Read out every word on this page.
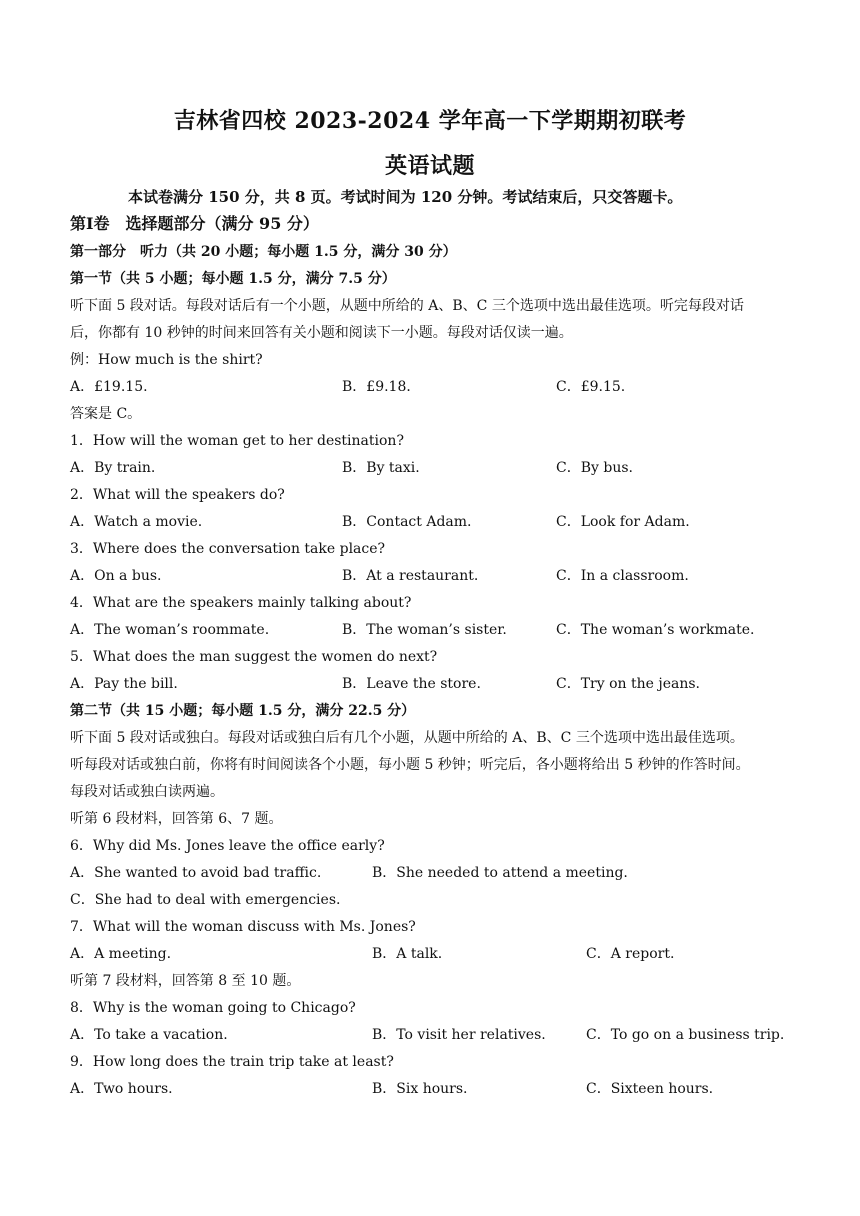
吉林省四校 2023-2024 学年高一下学期期初联考
英语试题
本试卷满分 150 分，共 8 页。考试时间为 120 分钟。考试结束后，只交答题卡。
第Ⅰ卷　选择题部分（满分 95 分）
第一部分　听力（共 20 小题；每小题 1.5 分，满分 30 分）
第一节（共 5 小题；每小题 1.5 分，满分 7.5 分）
听下面 5 段对话。每段对话后有一个小题，从题中所给的 A、B、C 三个选项中选出最佳选项。听完每段对话
后，你都有 10 秒钟的时间来回答有关小题和阅读下一小题。每段对话仅读一遍。
例：How much is the shirt?
A．£19.15.	B．£9.18．	C．£9.15.
答案是 C。
1．How will the woman get to her destination?
A．By train.	B．By taxi.	C．By bus.
2．What will the speakers do?
A．Watch a movie.	B．Contact Adam.	C．Look for Adam.
3．Where does the conversation take place?
A．On a bus.	B．At a restaurant.	C．In a classroom.
4．What are the speakers mainly talking about?
A．The woman’s roommate.	B．The woman’s sister.	C．The woman’s workmate.
5．What does the man suggest the women do next?
A．Pay the bill.	B．Leave the store.	C．Try on the jeans.
第二节（共 15 小题；每小题 1.5 分，满分 22.5 分）
听下面 5 段对话或独白。每段对话或独白后有几个小题，从题中所给的 A、B、C 三个选项中选出最佳选项。
听每段对话或独白前，你将有时间阅读各个小题，每小题 5 秒钟；听完后，各小题将给出 5 秒钟的作答时间。
每段对话或独白读两遍。
听第 6 段材料，回答第 6、7 题。
6．Why did Ms. Jones leave the office early?
A．She wanted to avoid bad traffic.	B．She needed to attend a meeting.
C．She had to deal with emergencies.
7．What will the woman discuss with Ms. Jones?
A．A meeting.	B．A talk.	C．A report.
听第 7 段材料，回答第 8 至 10 题。
8．Why is the woman going to Chicago?
A．To take a vacation.	B．To visit her relatives.	C．To go on a business trip.
9．How long does the train trip take at least?
A．Two hours.	B．Six hours.	C．Sixteen hours.
